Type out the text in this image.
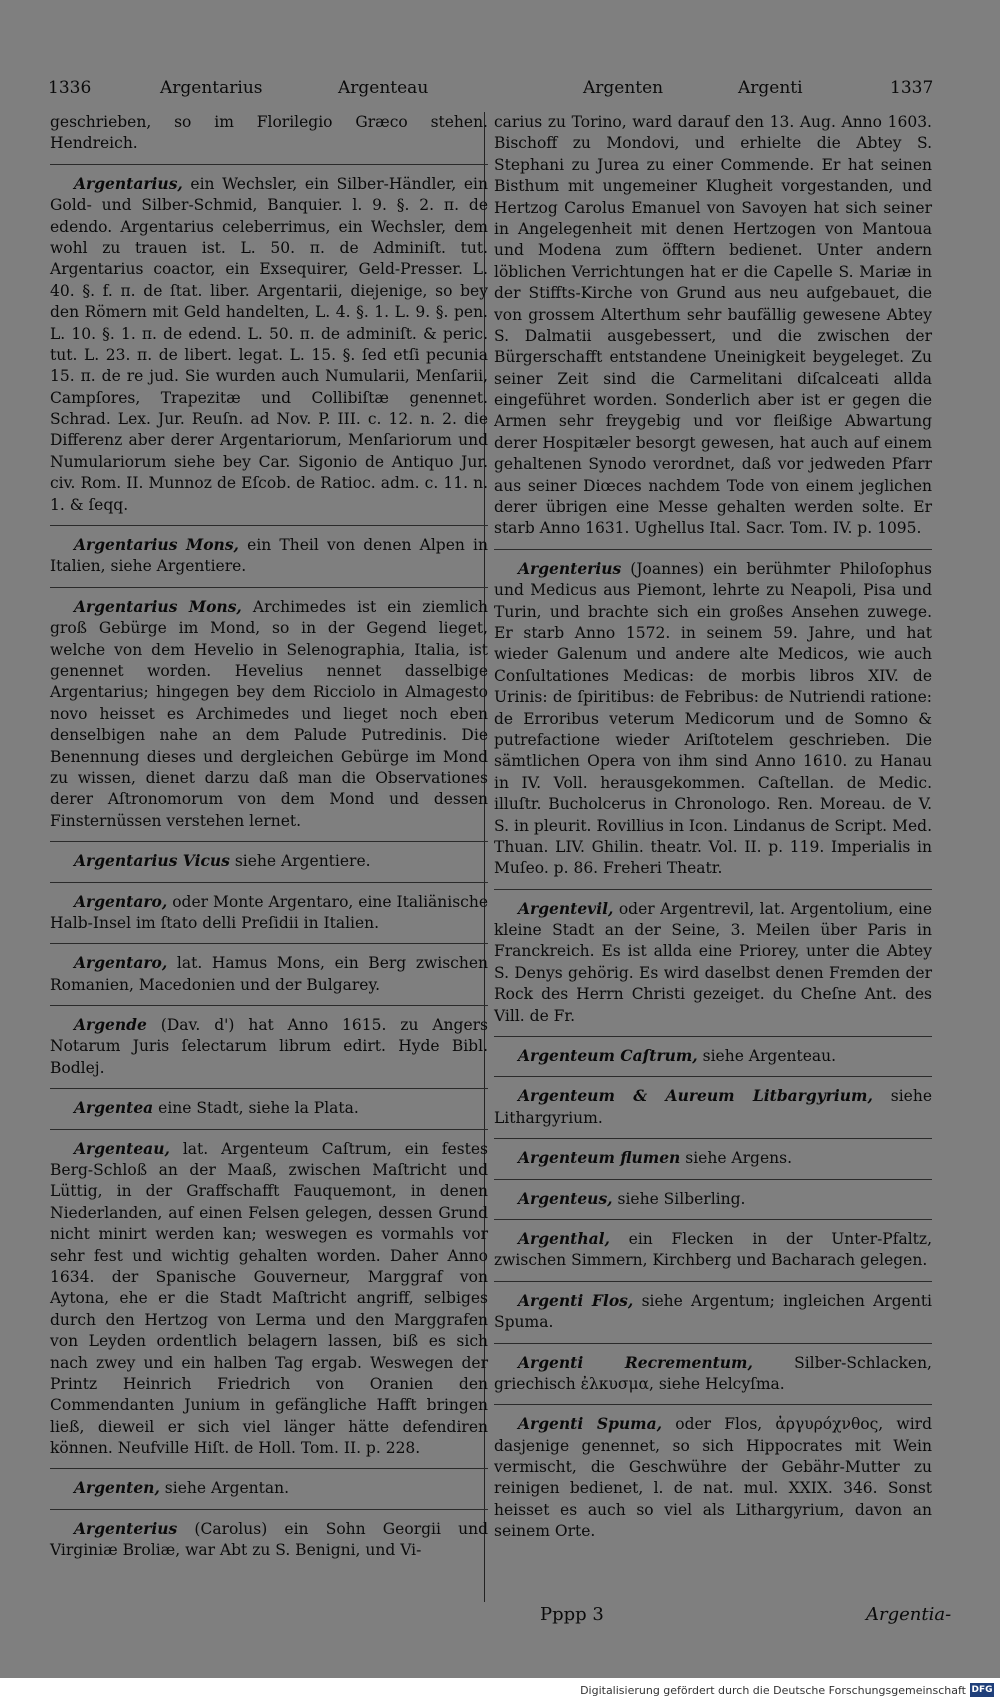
1336	Argentarius	Argenteau	Argenten	Argenti	1337

geschrieben, so im Florilegio Græco stehen. Hendreich.

Argentarius, ein Wechsler, ein Silber-Händler, ein Gold- und Silber-Schmid, Banquier. l. 9. §. 2. π. de edendo. Argentarius celeberrimus, ein Wechsler, dem wohl zu trauen ist. L. 50. π. de Adminiſt. tut. Argentarius coactor, ein Exsequirer, Geld-Presser. L. 40. §. f. π. de ſtat. liber. Argentarii, diejenige, so bey den Römern mit Geld handelten, L. 4. §. 1. L. 9. §. pen. L. 10. §. 1. π. de edend. L. 50. π. de adminiſt. & peric. tut. L. 23. π. de libert. legat. L. 15. §. ſed etſi pecunia 15. π. de re jud. Sie wurden auch Numularii, Menſarii, Campſores, Trapezitæ und Collibiſtæ genennet. Schrad. Lex. Jur. Reuſn. ad Nov. P. III. c. 12. n. 2. die Differenz aber derer Argentariorum, Menſariorum und Numulariorum siehe bey Car. Sigonio de Antiquo Jur. civ. Rom. II. Munnoz de Eſcob. de Ratioc. adm. c. 11. n. 1. & ſeqq.

Argentarius Mons, ein Theil von denen Alpen in Italien, siehe Argentiere.

Argentarius Mons, Archimedes ist ein ziemlich groß Gebürge im Mond, so in der Gegend lieget, welche von dem Hevelio in Selenographia, Italia, ist genennet worden. Hevelius nennet dasselbige Argentarius; hingegen bey dem Ricciolo in Almagesto novo heisset es Archimedes und lieget noch eben denselbigen nahe an dem Palude Putredinis. Die Benennung dieses und dergleichen Gebürge im Mond zu wissen, dienet darzu daß man die Observationes derer Aſtronomorum von dem Mond und dessen Finsternüssen verstehen lernet.

Argentarius Vicus siehe Argentiere.

Argentaro, oder Monte Argentaro, eine Italiänische Halb-Insel im ſtato delli Preſidii in Italien.

Argentaro, lat. Hamus Mons, ein Berg zwischen Romanien, Macedonien und der Bulgarey.

Argende (Dav. d') hat Anno 1615. zu Angers Notarum Juris ſelectarum librum edirt. Hyde Bibl. Bodlej.

Argentea eine Stadt, siehe la Plata.

Argenteau, lat. Argenteum Caſtrum, ein festes Berg-Schloß an der Maaß, zwischen Maſtricht und Lüttig, in der Graffschafft Fauquemont, in denen Niederlanden, auf einen Felsen gelegen, dessen Grund nicht minirt werden kan; weswegen es vormahls vor sehr fest und wichtig gehalten worden. Daher Anno 1634. der Spanische Gouverneur, Marggraf von Aytona, ehe er die Stadt Maſtricht angriff, selbiges durch den Hertzog von Lerma und den Marggrafen von Leyden ordentlich belagern lassen, biß es sich nach zwey und ein halben Tag ergab. Weswegen der Printz Heinrich Friedrich von Oranien den Commendanten Junium in gefängliche Hafft bringen ließ, dieweil er sich viel länger hätte defendiren können. Neufville Hiſt. de Holl. Tom. II. p. 228.

Argenten, siehe Argentan.

Argenterius (Carolus) ein Sohn Georgii und Virginiæ Broliæ, war Abt zu S. Benigni, und Vi-

carius zu Torino, ward darauf den 13. Aug. Anno 1603. Bischoff zu Mondovi, und erhielte die Abtey S. Stephani zu Jurea zu einer Commende. Er hat seinen Bisthum mit ungemeiner Klugheit vorgestanden, und Hertzog Carolus Emanuel von Savoyen hat sich seiner in Angelegenheit mit denen Hertzogen von Mantoua und Modena zum öfftern bedienet. Unter andern löblichen Verrichtungen hat er die Capelle S. Mariæ in der Stiffts-Kirche von Grund aus neu aufgebauet, die von grossem Alterthum sehr baufällig gewesene Abtey S. Dalmatii ausgebessert, und die zwischen der Bürgerschafft entstandene Uneinigkeit beygeleget. Zu seiner Zeit sind die Carmelitani diſcalceati allda eingeführet worden. Sonderlich aber ist er gegen die Armen sehr freygebig und vor fleißige Abwartung derer Hospitæler besorgt gewesen, hat auch auf einem gehaltenen Synodo verordnet, daß vor jedweden Pfarr aus seiner Diœces nachdem Tode von einem jeglichen derer übrigen eine Messe gehalten werden solte. Er starb Anno 1631. Ughellus Ital. Sacr. Tom. IV. p. 1095.

Argenterius (Joannes) ein berühmter Philoſophus und Medicus aus Piemont, lehrte zu Neapoli, Pisa und Turin, und brachte sich ein großes Ansehen zuwege. Er starb Anno 1572. in seinem 59. Jahre, und hat wieder Galenum und andere alte Medicos, wie auch Conſultationes Medicas: de morbis libros XIV. de Urinis: de ſpiritibus: de Febribus: de Nutriendi ratione: de Erroribus veterum Medicorum und de Somno & putrefactione wieder Ariſtotelem geschrieben. Die sämtlichen Opera von ihm sind Anno 1610. zu Hanau in IV. Voll. herausgekommen. Caſtellan. de Medic. illuſtr. Bucholcerus in Chronologo. Ren. Moreau. de V. S. in pleurit. Rovillius in Icon. Lindanus de Script. Med. Thuan. LIV. Ghilin. theatr. Vol. II. p. 119. Imperialis in Muſeo. p. 86. Freheri Theatr.

Argentevil, oder Argentrevil, lat. Argentolium, eine kleine Stadt an der Seine, 3. Meilen über Paris in Franckreich. Es ist allda eine Priorey, unter die Abtey S. Denys gehörig. Es wird daselbst denen Fremden der Rock des Herrn Christi gezeiget. du Cheſne Ant. des Vill. de Fr.

Argenteum Caſtrum, siehe Argenteau.

Argenteum & Aureum Litbargyrium, siehe Lithargyrium.

Argenteum flumen siehe Argens.

Argenteus, siehe Silberling.

Argenthal, ein Flecken in der Unter-Pfaltz, zwischen Simmern, Kirchberg und Bacharach gelegen.

Argenti Flos, siehe Argentum; ingleichen Argenti Spuma.

Argenti Recrementum,	Silber-Schlacken, griechisch ἐλκυσμα, siehe Helcyſma.

Argenti Spuma, oder Flos, ἀργυρόχνθος, wird dasjenige genennet, so sich Hippocrates mit Wein vermischt, die Geschwühre der Gebähr-Mutter zu reinigen bedienet, l. de nat. mul. XXIX. 346. Sonst heisset es auch so viel als Lithargyrium, davon an seinem Orte.

Pppp 3	Argentia-
Digitalisierung gefördert durch die Deutsche Forschungsgemeinschaft DFG
